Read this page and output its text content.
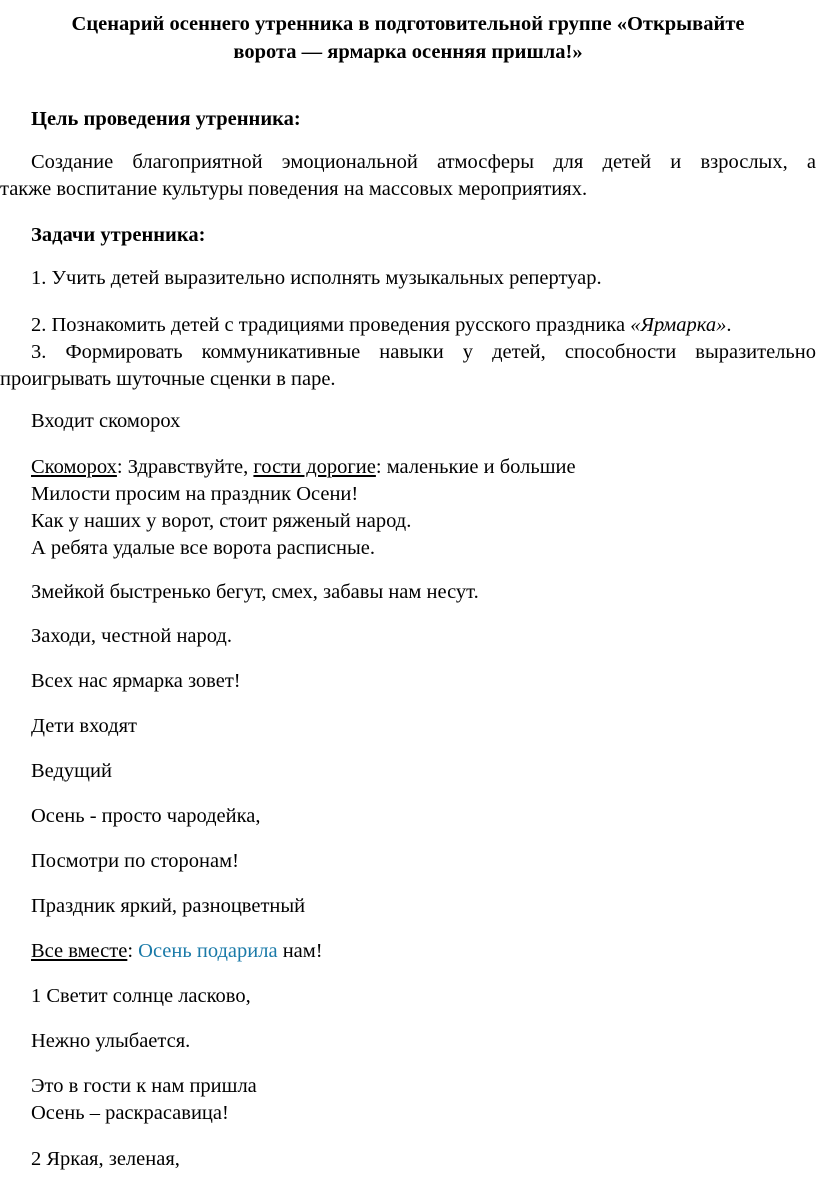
Сценарий осеннего утренника в подготовительной группе «Открывайте
ворота — ярмарка осенняя пришла!»
Цель проведения утренника:
Создание благоприятной эмоциональной атмосферы для детей и взрослых, а
также воспитание культуры поведения на массовых мероприятиях.
Задачи утренника:
1. Учить детей выразительно исполнять музыкальных репертуар.
2. Познакомить детей с традициями проведения русского праздника «Ярмарка».
3. Формировать коммуникативные навыки у детей, способности выразительно
проигрывать шуточные сценки в паре.
Входит скоморох
Скоморох: Здравствуйте, гости дорогие: маленькие и большие
Милости просим на праздник Осени!
Как у наших у ворот, стоит ряженый народ.
А ребята удалые все ворота расписные.
Змейкой быстренько бегут, смех, забавы нам несут.
Заходи, честной народ.
Всех нас ярмарка зовет!
Дети входят
Ведущий
Осень - просто чародейка,
Посмотри по сторонам!
Праздник яркий, разноцветный
Все вместе: Осень подарила нам!
1 Светит солнце ласково,
Нежно улыбается.
Это в гости к нам пришла
Осень – раскрасавица!
2 Яркая, зеленая,
